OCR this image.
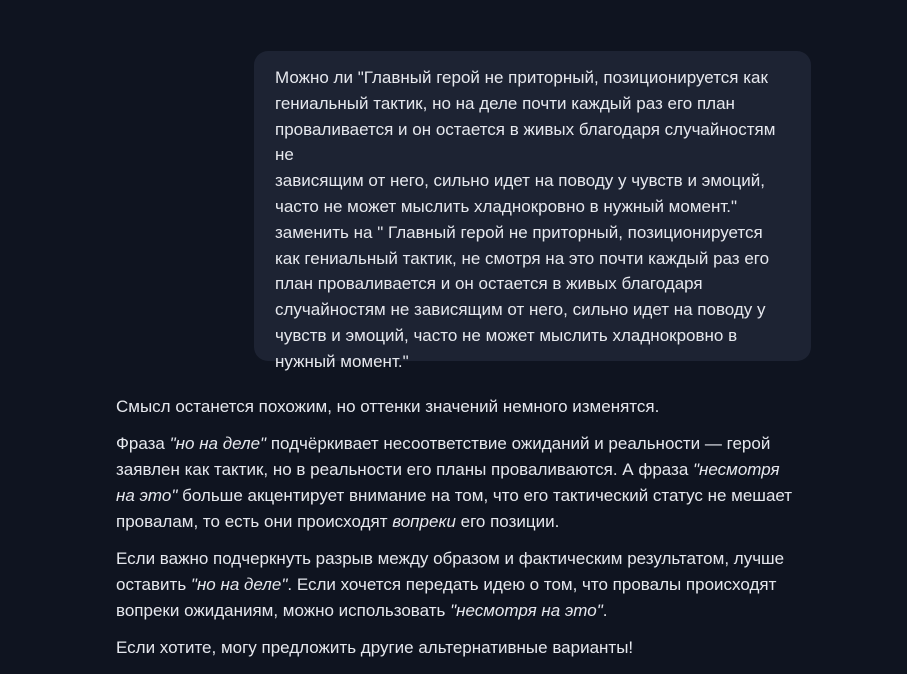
Можно ли "Главный герой не приторный, позиционируется как

гениальный тактик, но на деле почти каждый раз его план

проваливается и он остается в живых благодаря случайностям не

зависящим от него, сильно идет на поводу у чувств и эмоций,

часто не может мыслить хладнокровно в нужный момент."

заменить на " Главный герой не приторный, позиционируется

как гениальный тактик, не смотря на это почти каждый раз его

план проваливается и он остается в живых благодаря

случайностям не зависящим от него, сильно идет на поводу у

чувств и эмоций, часто не может мыслить хладнокровно в

нужный момент."

Смысл останется похожим, но оттенки значений немного изменятся.

Фраза "но на деле" подчёркивает несоответствие ожиданий и реальности — герой заявлен как тактик, но в реальности его планы проваливаются. А фраза "несмотря на это" больше акцентирует внимание на том, что его тактический статус не мешает провалам, то есть они происходят вопреки его позиции.

Если важно подчеркнуть разрыв между образом и фактическим результатом, лучше оставить "но на деле". Если хочется передать идею о том, что провалы происходят вопреки ожиданиям, можно использовать "несмотря на это".

Если хотите, могу предложить другие альтернативные варианты!
